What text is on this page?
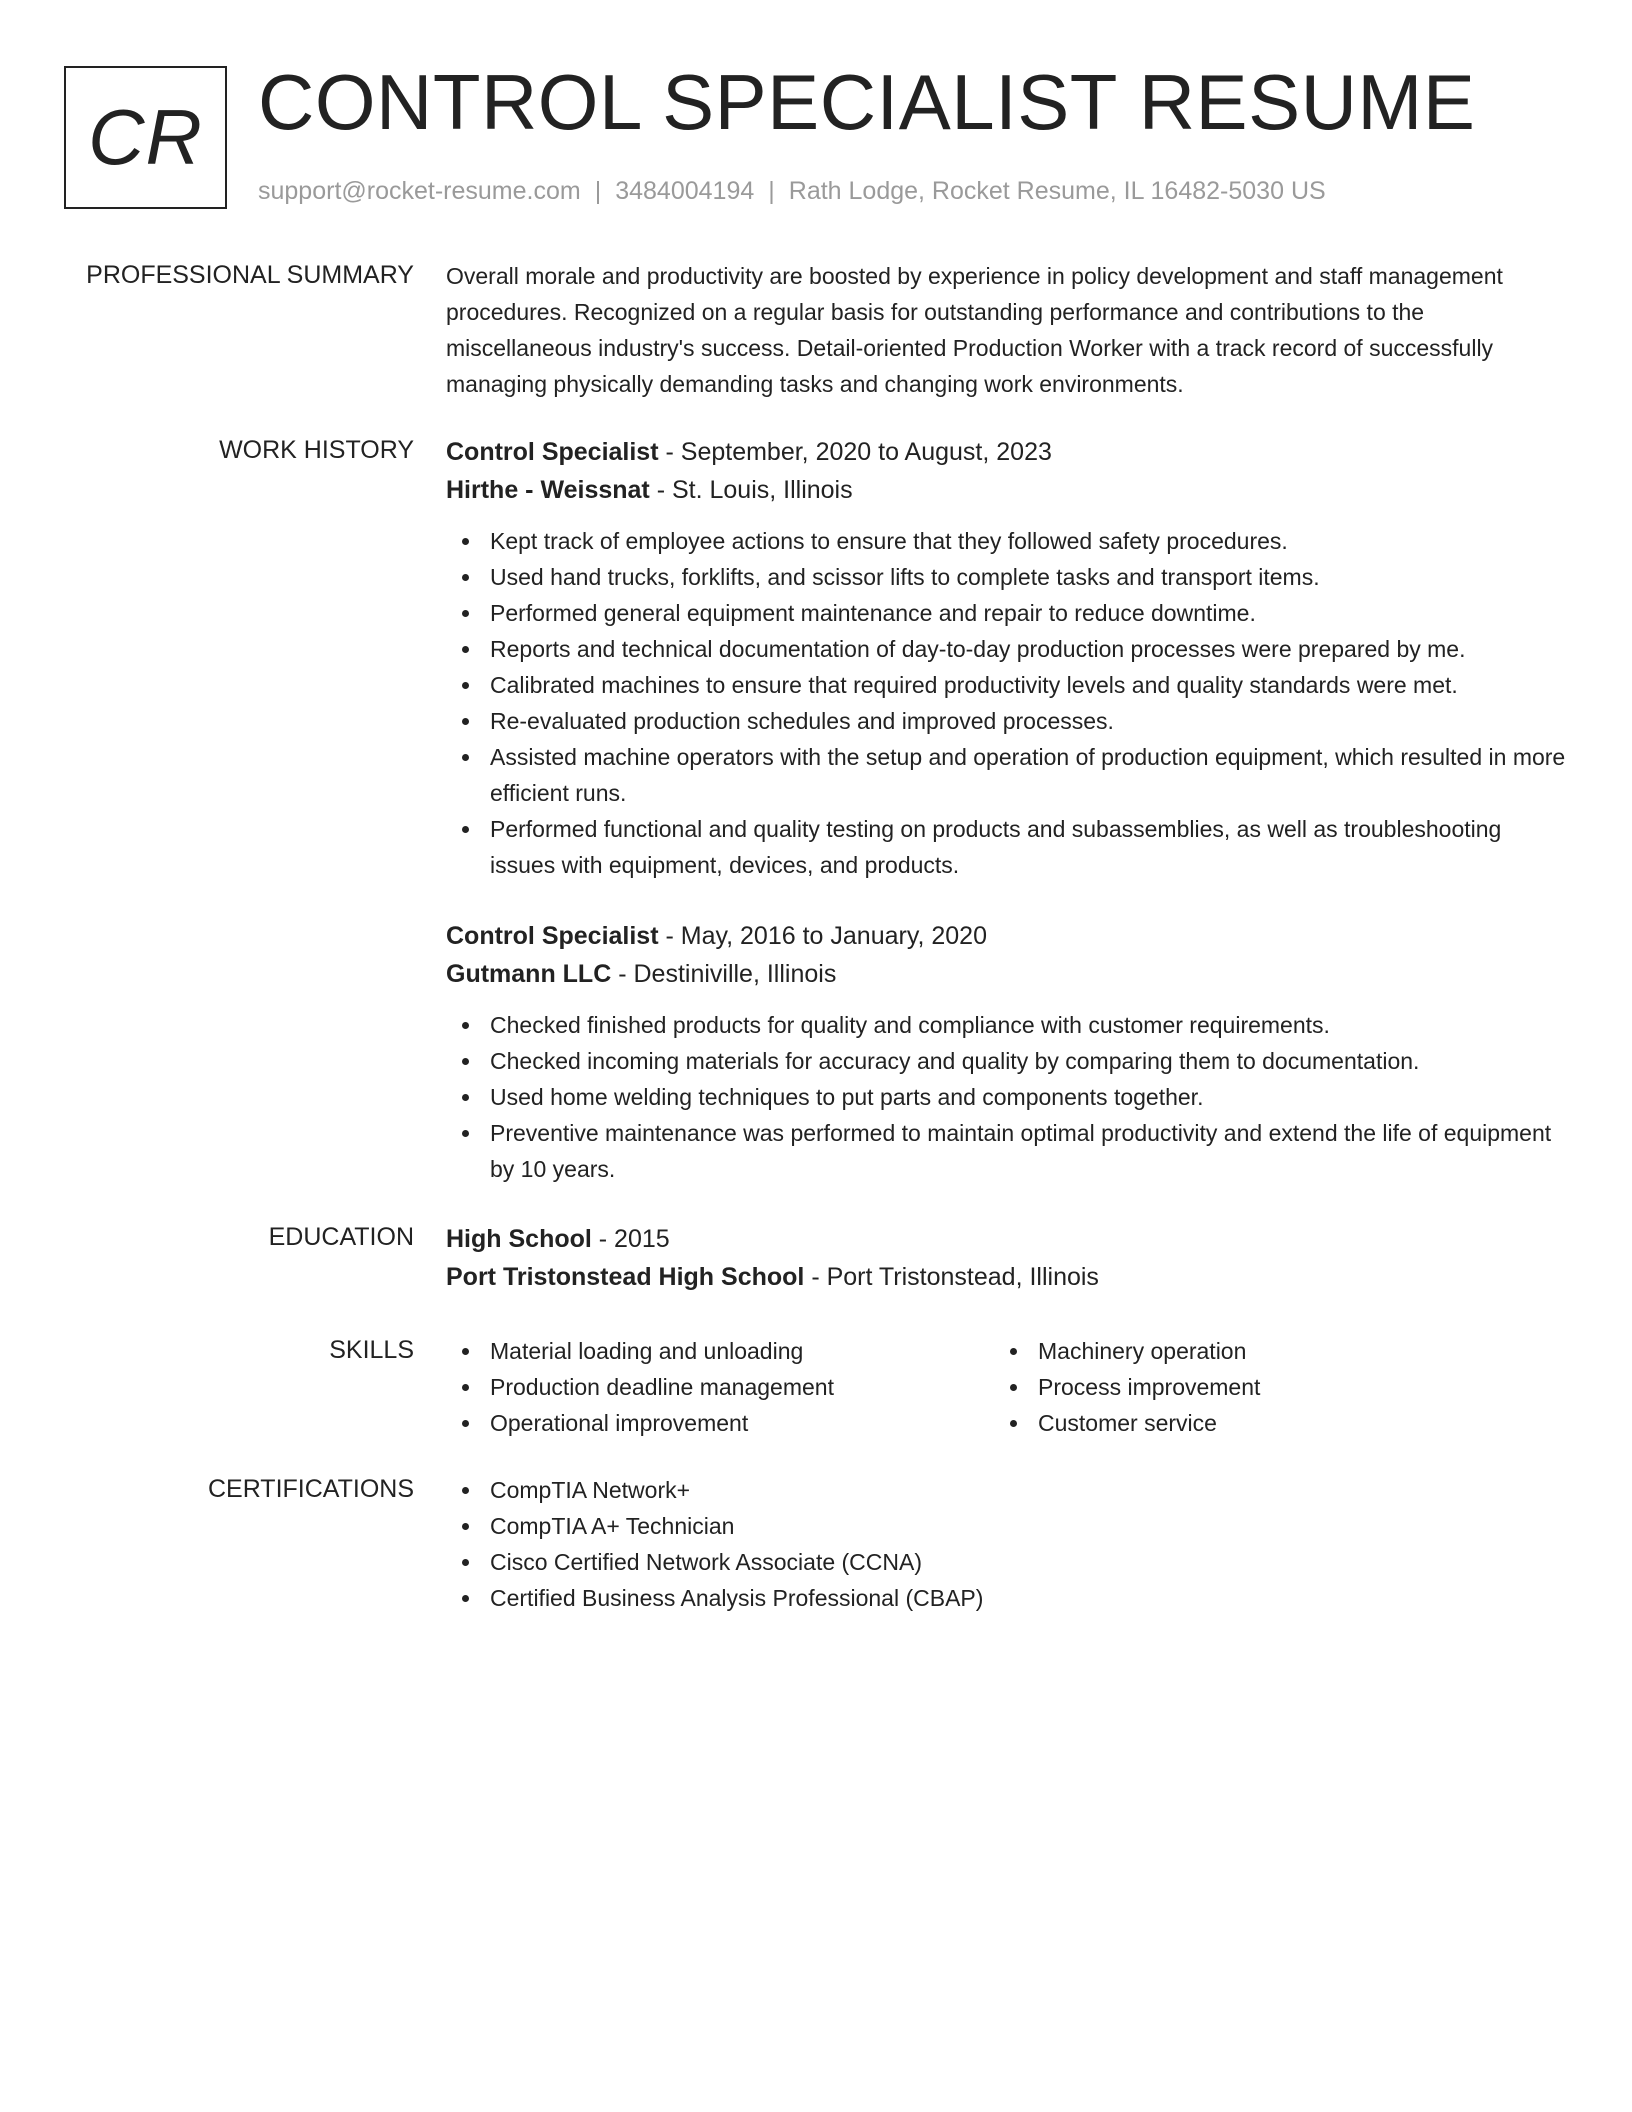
CR CONTROL SPECIALIST RESUME
support@rocket-resume.com | 3484004194 | Rath Lodge, Rocket Resume, IL 16482-5030 US
PROFESSIONAL SUMMARY Overall morale and productivity are boosted by experience in policy development and staff management procedures. Recognized on a regular basis for outstanding performance and contributions to the miscellaneous industry's success. Detail-oriented Production Worker with a track record of successfully managing physically demanding tasks and changing work environments.

WORK HISTORY Control Specialist - September, 2020 to August, 2023
Hirthe - Weissnat - St. Louis, Illinois
Kept track of employee actions to ensure that they followed safety procedures.
Used hand trucks, forklifts, and scissor lifts to complete tasks and transport items.
Performed general equipment maintenance and repair to reduce downtime.
Reports and technical documentation of day-to-day production processes were prepared by me.
Calibrated machines to ensure that required productivity levels and quality standards were met.
Re-evaluated production schedules and improved processes.
Assisted machine operators with the setup and operation of production equipment, which resulted in more efficient runs.
Performed functional and quality testing on products and subassemblies, as well as troubleshooting issues with equipment, devices, and products.
Control Specialist - May, 2016 to January, 2020
Gutmann LLC - Destiniville, Illinois
Checked finished products for quality and compliance with customer requirements.
Checked incoming materials for accuracy and quality by comparing them to documentation.
Used home welding techniques to put parts and components together.
Preventive maintenance was performed to maintain optimal productivity and extend the life of equipment by 10 years.
EDUCATION High School - 2015
Port Tristonstead High School - Port Tristonstead, Illinois
SKILLS	Material loading and unloading
Production deadline management
Operational improvement
Machinery operation
Process improvement
Customer service
CERTIFICATIONS	CompTIA Network+
CompTIA A+ Technician
Cisco Certified Network Associate (CCNA)
Certified Business Analysis Professional (CBAP)
